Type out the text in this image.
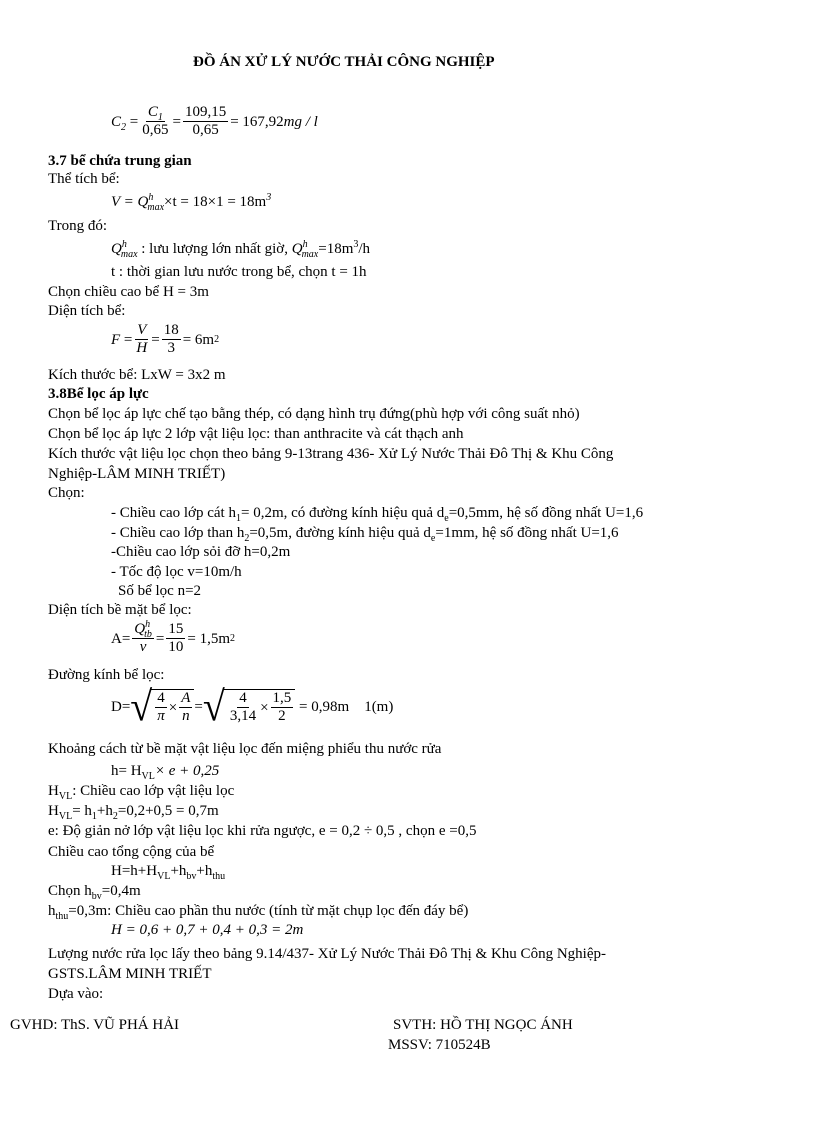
ĐỒ ÁN XỬ LÝ NƯỚC THẢI CÔNG NGHIỆP
$C_2 = \frac{C_1}{0,65} = \frac{109,15}{0,65} = 167,92$ mg / l
3.7 bể chứa trung gian
Thể tích bể:
$V = Q^h_{max}\times t = 18\times 1 = 18m^3$
Trong đó:
$Q^h_{max}$ : lưu lượng lớn nhất giờ, $Q^h_{max}=18m^3/h$
t : thời gian lưu nước trong bể, chọn t = 1h
Chọn chiều cao bể H = 3m
Diện tích bể:
$F = \frac{V}{H} = \frac{18}{3} = 6m$ 2
Kích thước bể: LxW = 3x2 m
3.8Bể lọc áp lực
Chọn bể lọc áp lực chế tạo bằng thép, có dạng hình trụ đứng(phù hợp với công suất nhỏ)
Chọn bể lọc áp lực 2 lớp vật liệu lọc: than anthracite và cát thạch anh
Kích thước vật liệu lọc chọn theo bảng 9-13trang 436- Xử Lý Nước Thải Đô Thị & Khu Công
Nghiệp-LÂM MINH TRIẾT)
Chọn:
- Chiều cao lớp cát $h_1= 0,2m$, có đường kính hiệu quả $d_e=0,5mm$, hệ số đồng nhất U=1,6
- Chiều cao lớp than $h_2=0,5m$, đường kính hiệu quả $d_e=1mm$, hệ số đồng nhất U=1,6
-Chiều cao lớp sỏi đỡ h=0,2m
- Tốc độ lọc v=10m/h
Số bể lọc n=2
Diện tích bề mặt bể lọc:
$A= \frac{Q^h_{tb}}{v} = \frac{15}{10} = 1,5m$ 2
Đường kính bể lọc:
D= √ $\frac{4}{\pi} \times \frac{A}{n}$ = √ $\frac{4}{3,14} \times \frac{1,5}{2}$
= 0,98m
1(m)
Khoảng cách từ bề mặt vật liệu lọc đến miệng phiểu thu nước rửa
$h= H_{VL}\times e + 0,25$
$H_{VL}$: Chiều cao lớp vật liệu lọc
$H_{VL}= h_1+h_2=0,2+0,5 = 0,7m$
e: Độ giản nở lớp vật liệu lọc khi rửa ngược, e = 0,2 ÷ 0,5 , chọn e =0,5
Chiều cao tổng cộng của bể
$H=h+H_{VL}+h_{bv}+h_{thu}$
Chọn $h_{bv}=0,4m$
$h_{thu}=0,3m$: Chiều cao phần thu nước (tính từ mặt chụp lọc đến đáy bể)
H = 0,6 + 0,7 + 0,4 + 0,3 = 2m
Lượng nước rửa lọc lấy theo bảng 9.14/437- Xử Lý Nước Thải Đô Thị & Khu Công Nghiệp-
GSTS.LÂM MINH TRIẾT
Dựa vào:
GVHD: ThS. VŨ PHÁ HẢI	SVTH: HỒ THỊ NGỌC ÁNH
MSSV: 710524B
